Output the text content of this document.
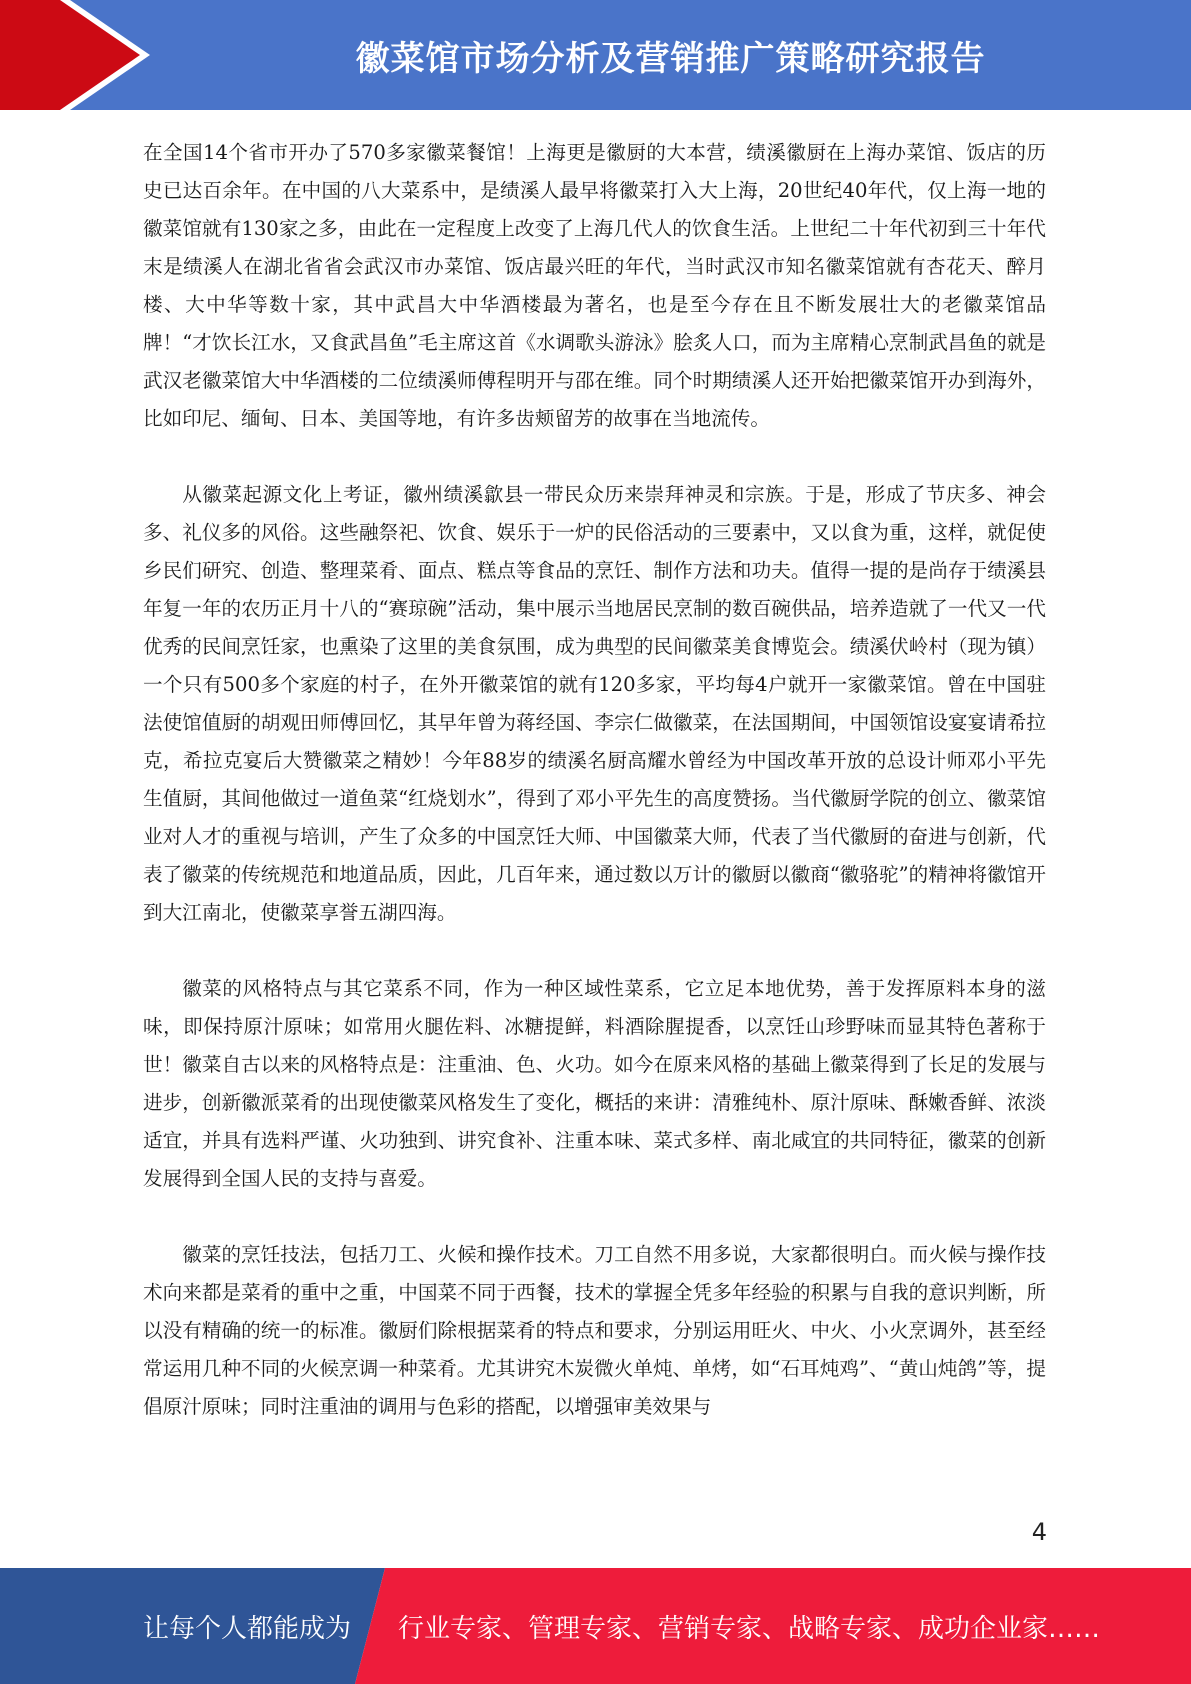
徽菜馆市场分析及营销推广策略研究报告

在全国14个省市开办了570多家徽菜餐馆！上海更是徽厨的大本营，绩溪徽厨在上海办菜馆、饭店的历史已达百余年。在中国的八大菜系中，是绩溪人最早将徽菜打入大上海，20世纪40年代，仅上海一地的徽菜馆就有130家之多，由此在一定程度上改变了上海几代人的饮食生活。上世纪二十年代初到三十年代末是绩溪人在湖北省省会武汉市办菜馆、饭店最兴旺的年代，当时武汉市知名徽菜馆就有杏花天、醉月楼、大中华等数十家，其中武昌大中华酒楼最为著名，也是至今存在且不断发展壮大的老徽菜馆品牌！“才饮长江水，又食武昌鱼”毛主席这首《水调歌头游泳》脍炙人口，而为主席精心烹制武昌鱼的就是武汉老徽菜馆大中华酒楼的二位绩溪师傅程明开与邵在维。同个时期绩溪人还开始把徽菜馆开办到海外，比如印尼、缅甸、日本、美国等地，有许多齿颊留芳的故事在当地流传。

从徽菜起源文化上考证，徽州绩溪歙县一带民众历来崇拜神灵和宗族。于是，形成了节庆多、神会多、礼仪多的风俗。这些融祭祀、饮食、娱乐于一炉的民俗活动的三要素中，又以食为重，这样，就促使乡民们研究、创造、整理菜肴、面点、糕点等食品的烹饪、制作方法和功夫。值得一提的是尚存于绩溪县年复一年的农历正月十八的“赛琼碗”活动，集中展示当地居民烹制的数百碗供品，培养造就了一代又一代优秀的民间烹饪家，也熏染了这里的美食氛围，成为典型的民间徽菜美食博览会。绩溪伏岭村（现为镇）一个只有500多个家庭的村子，在外开徽菜馆的就有120多家，平均每4户就开一家徽菜馆。曾在中国驻法使馆值厨的胡观田师傅回忆，其早年曾为蒋经国、李宗仁做徽菜，在法国期间，中国领馆设宴宴请希拉克，希拉克宴后大赞徽菜之精妙！今年88岁的绩溪名厨高耀水曾经为中国改革开放的总设计师邓小平先生值厨，其间他做过一道鱼菜“红烧划水”，得到了邓小平先生的高度赞扬。当代徽厨学院的创立、徽菜馆业对人才的重视与培训，产生了众多的中国烹饪大师、中国徽菜大师，代表了当代徽厨的奋进与创新，代表了徽菜的传统规范和地道品质，因此，几百年来，通过数以万计的徽厨以徽商“徽骆驼”的精神将徽馆开到大江南北，使徽菜享誉五湖四海。

徽菜的风格特点与其它菜系不同，作为一种区域性菜系，它立足本地优势，善于发挥原料本身的滋味，即保持原汁原味；如常用火腿佐料、冰糖提鲜，料酒除腥提香，以烹饪山珍野味而显其特色著称于世！徽菜自古以来的风格特点是：注重油、色、火功。如今在原来风格的基础上徽菜得到了长足的发展与进步，创新徽派菜肴的出现使徽菜风格发生了变化，概括的来讲：清雅纯朴、原汁原味、酥嫩香鲜、浓淡适宜，并具有选料严谨、火功独到、讲究食补、注重本味、菜式多样、南北咸宜的共同特征，徽菜的创新发展得到全国人民的支持与喜爱。

徽菜的烹饪技法，包括刀工、火候和操作技术。刀工自然不用多说，大家都很明白。而火候与操作技术向来都是菜肴的重中之重，中国菜不同于西餐，技术的掌握全凭多年经验的积累与自我的意识判断，所以没有精确的统一的标准。徽厨们除根据菜肴的特点和要求，分别运用旺火、中火、小火烹调外，甚至经常运用几种不同的火候烹调一种菜肴。尤其讲究木炭微火单炖、单烤，如“石耳炖鸡”、“黄山炖鸽”等，提倡原汁原味；同时注重油的调用与色彩的搭配，以增强审美效果与

4
让每个人都能成为 行业专家、管理专家、营销专家、战略专家、成功企业家……
